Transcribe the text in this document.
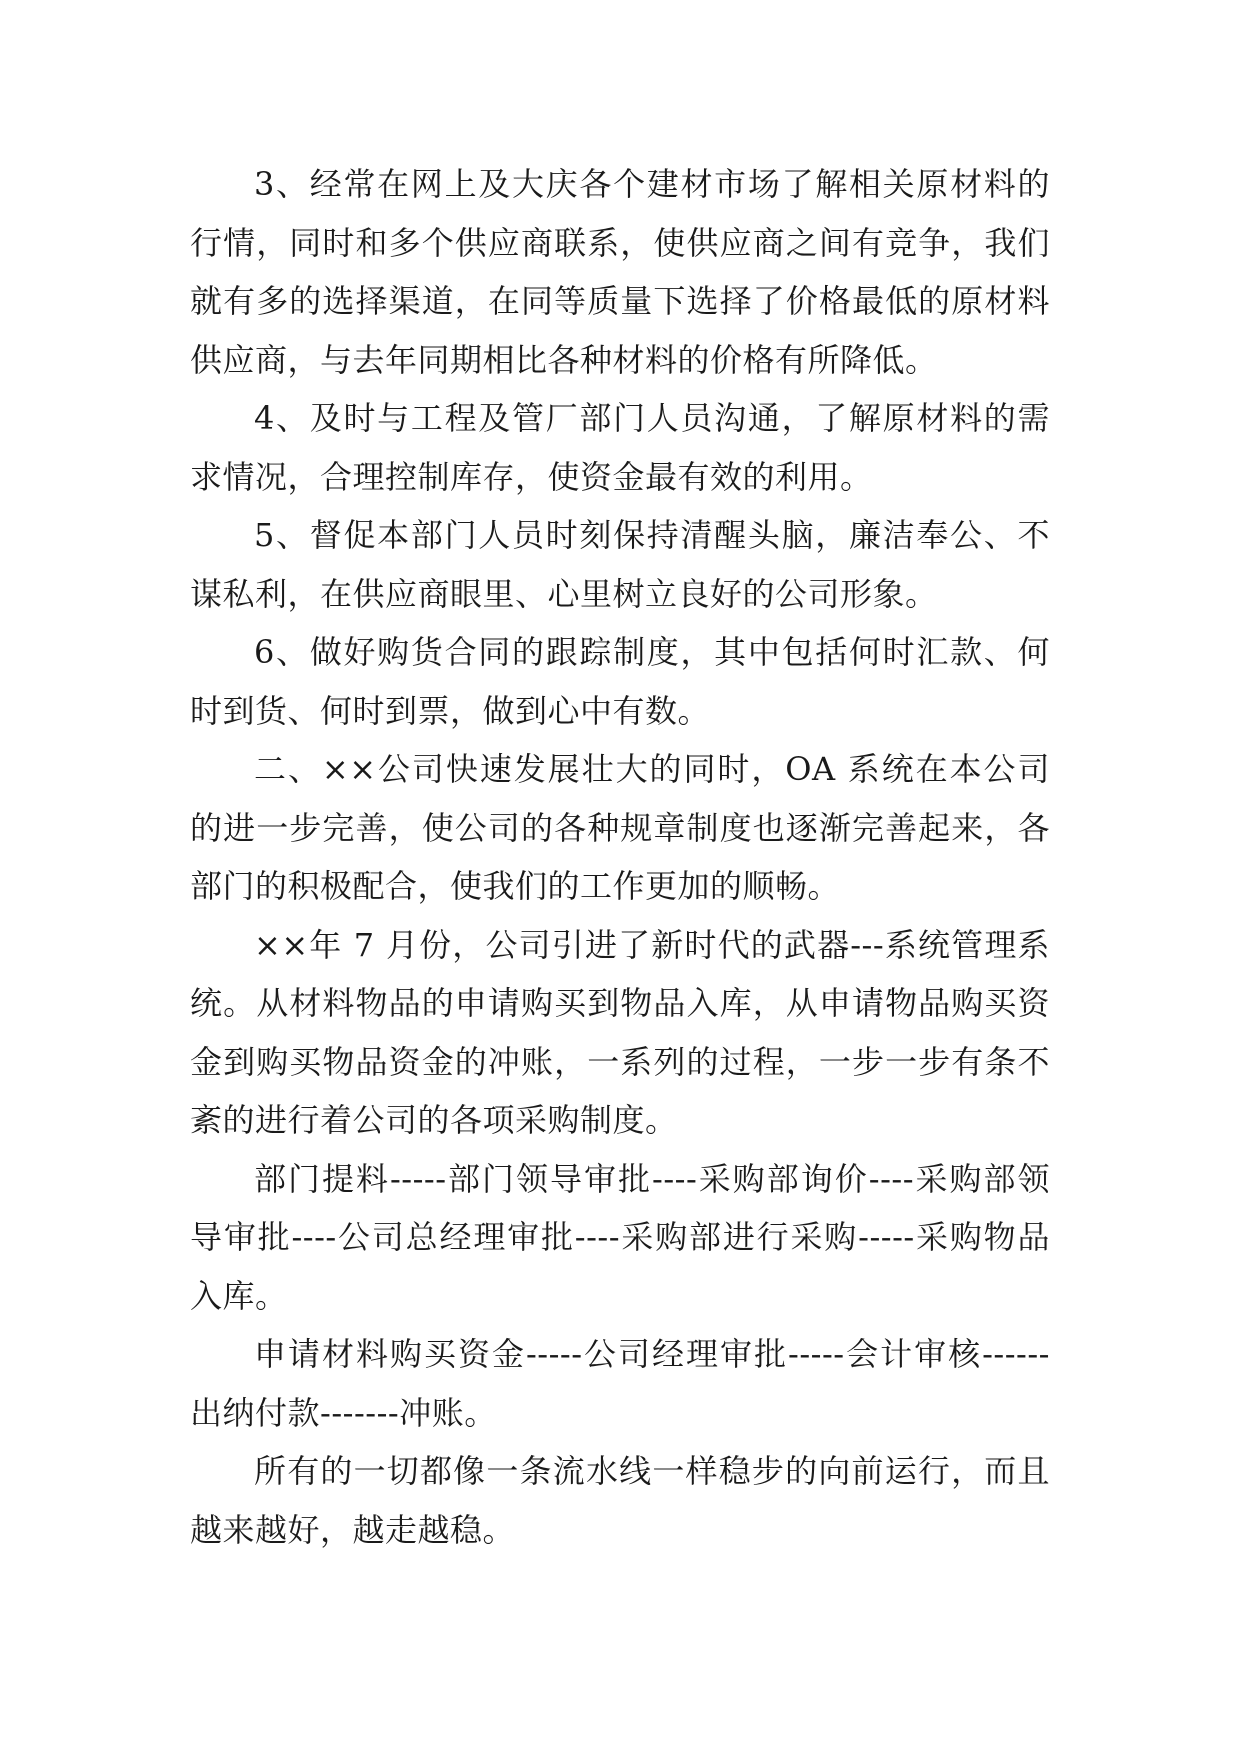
3、经常在网上及大庆各个建材市场了解相关原材料的行情，同时和多个供应商联系，使供应商之间有竞争，我们就有多的选择渠道，在同等质量下选择了价格最低的原材料供应商，与去年同期相比各种材料的价格有所降低。

4、及时与工程及管厂部门人员沟通，了解原材料的需求情况，合理控制库存，使资金最有效的利用。

5、督促本部门人员时刻保持清醒头脑，廉洁奉公、不谋私利，在供应商眼里、心里树立良好的公司形象。

6、做好购货合同的跟踪制度，其中包括何时汇款、何时到货、何时到票，做到心中有数。

二、××公司快速发展壮大的同时，OA 系统在本公司的进一步完善，使公司的各种规章制度也逐渐完善起来，各部门的积极配合，使我们的工作更加的顺畅。

××年 7 月份，公司引进了新时代的武器---系统管理系统。从材料物品的申请购买到物品入库，从申请物品购买资金到购买物品资金的冲账，一系列的过程，一步一步有条不紊的进行着公司的各项采购制度。

部门提料-----部门领导审批----采购部询价----采购部领导审批----公司总经理审批----采购部进行采购-----采购物品入库。

申请材料购买资金-----公司经理审批-----会计审核------出纳付款-------冲账。

所有的一切都像一条流水线一样稳步的向前运行，而且越来越好，越走越稳。
